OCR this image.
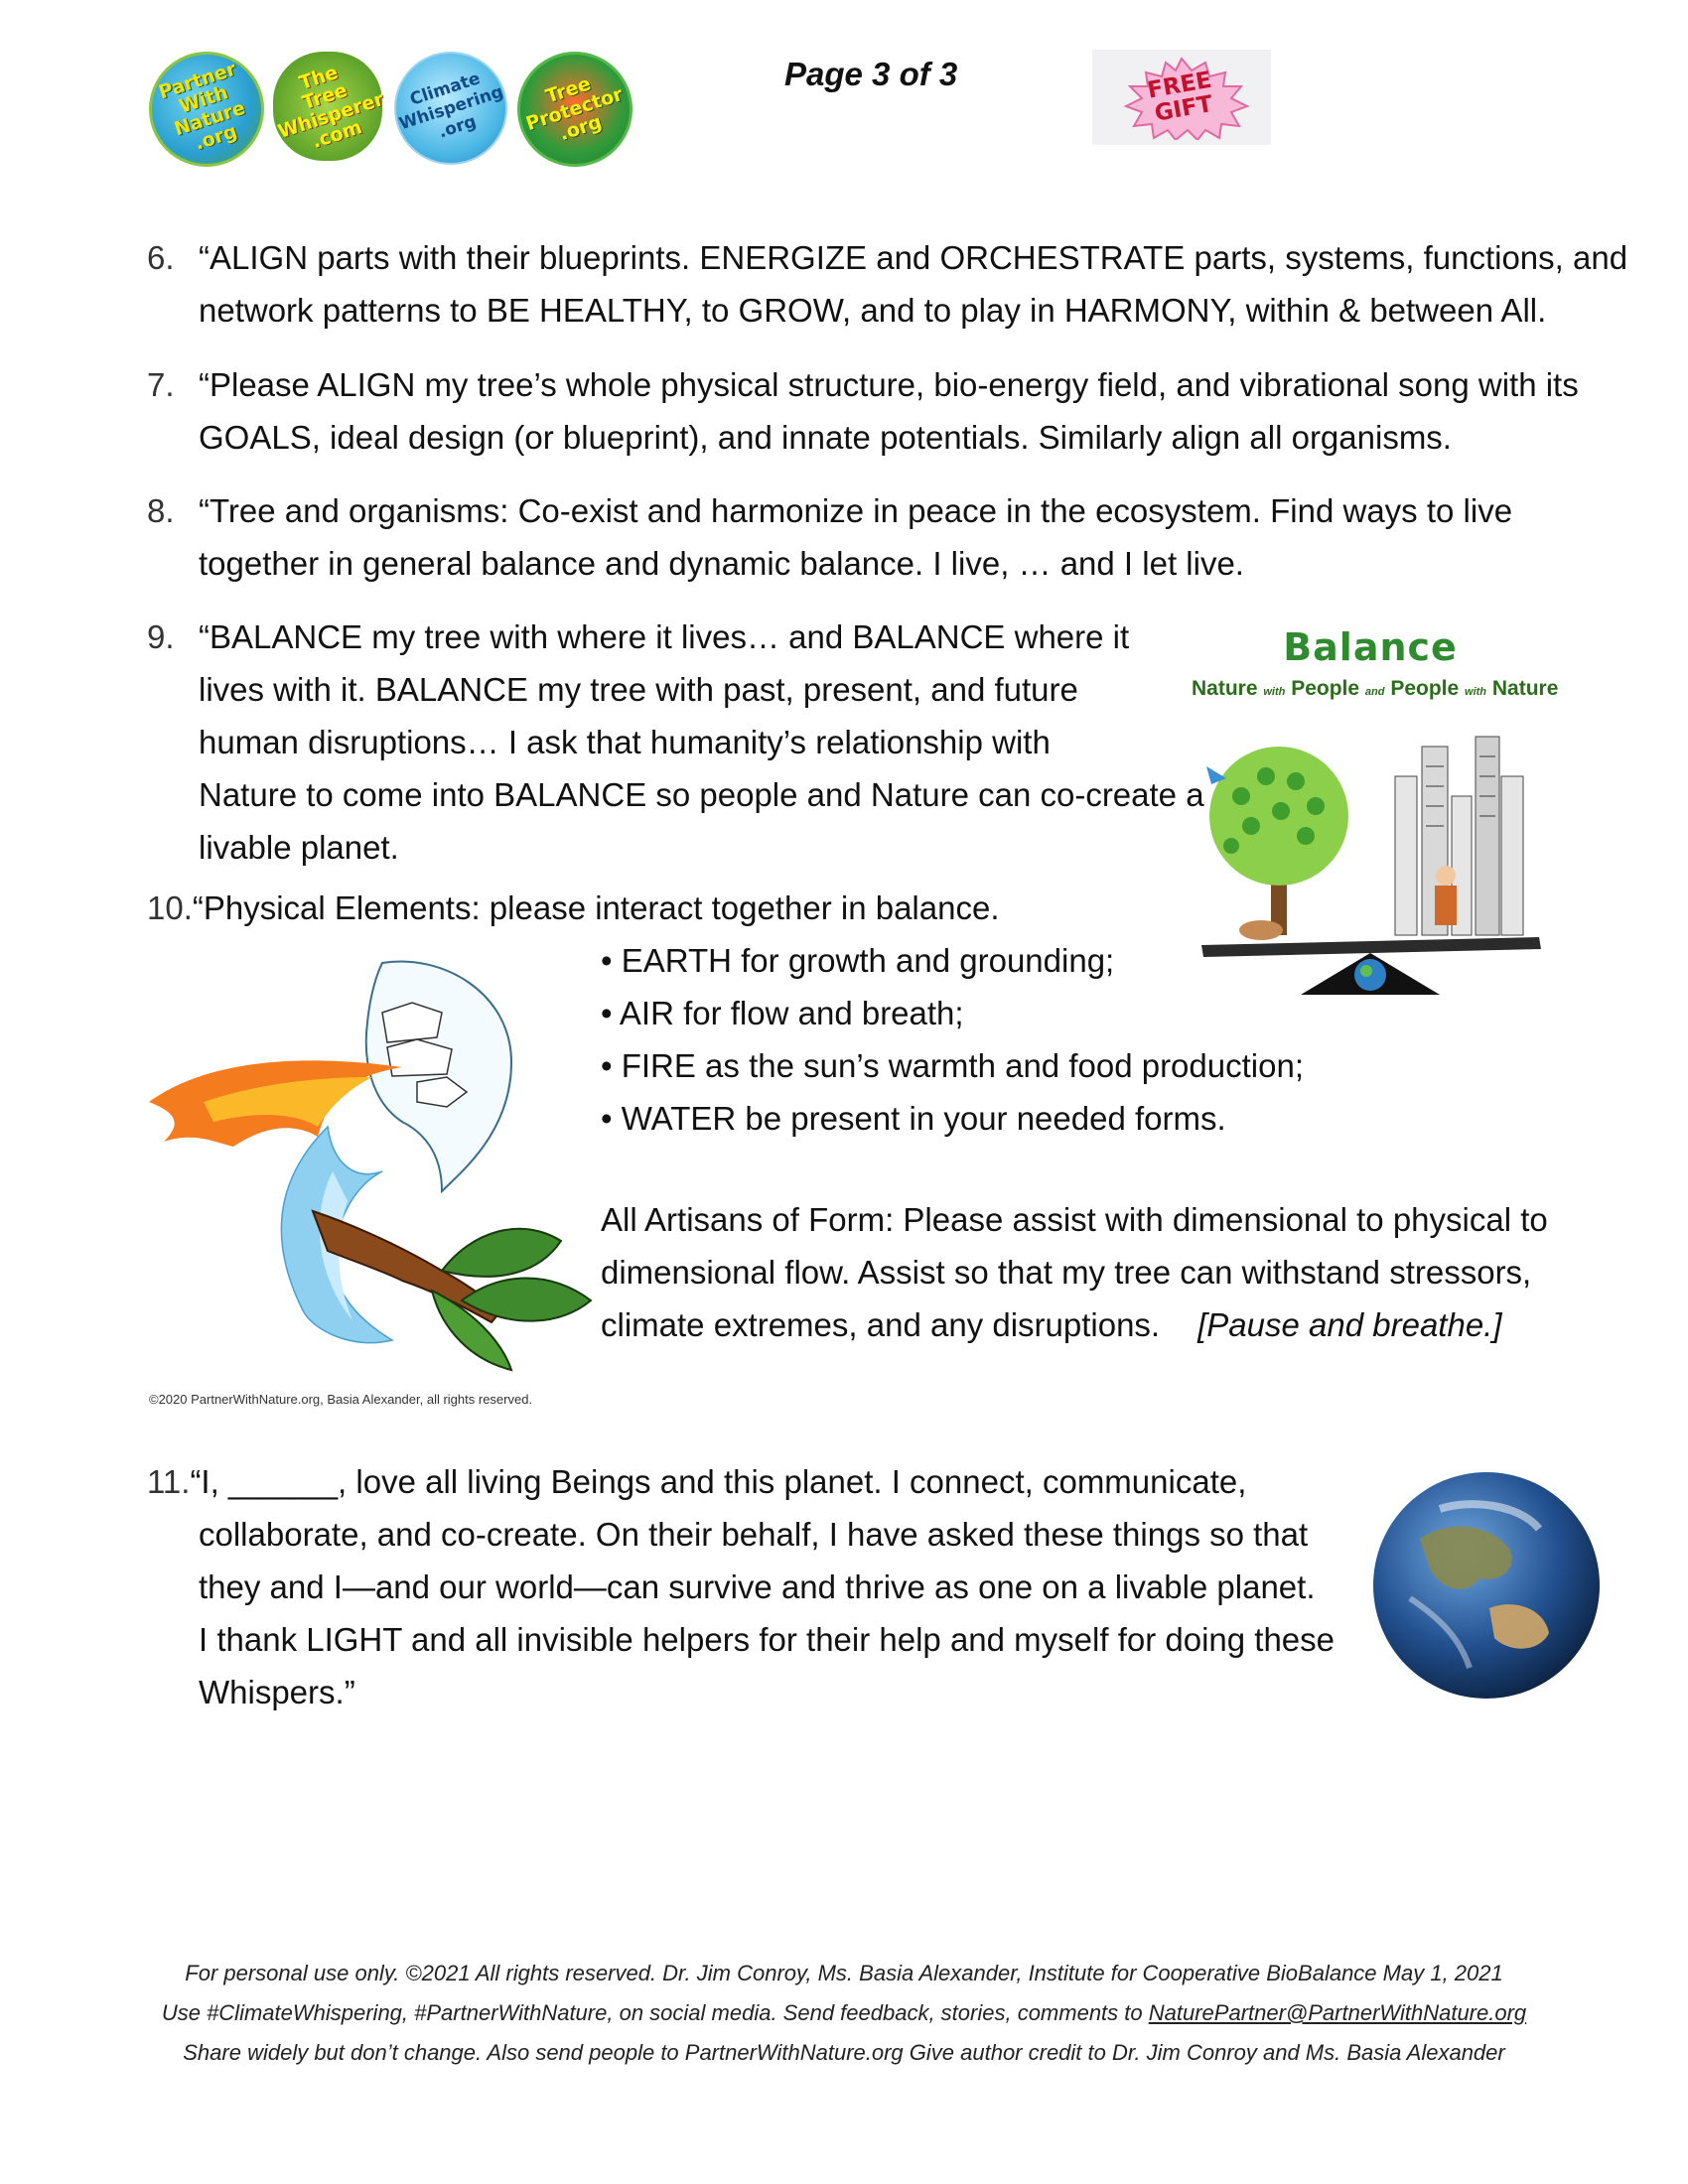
Partner
With
Nature
.org
The
Tree
Whisperer
.com
Climate
Whispering
.org
Tree
Protector
.org
Page 3 of 3	FREE
GIFT

6. “ALIGN parts with their blueprints. ENERGIZE and ORCHESTRATE parts, systems, functions, and

network patterns to BE HEALTHY, to GROW, and to play in HARMONY, within & between All.

7. “Please ALIGN my tree’s whole physical structure, bio-energy field, and vibrational song with its

GOALS, ideal design (or blueprint), and innate potentials. Similarly align all organisms.

8. “Tree and organisms: Co-exist and harmonize in peace in the ecosystem. Find ways to live

together in general balance and dynamic balance. I live, … and I let live.

9. “BALANCE my tree with where it lives… and BALANCE where it

lives with it. BALANCE my tree with past, present, and future

human disruptions… I ask that humanity’s relationship with

Nature to come into BALANCE so people and Nature can co-create a

livable planet.

Balance
Nature with People and People with Nature

10.“Physical Elements: please interact together in balance.

• EARTH for growth and grounding;
• AIR for flow and breath;
• FIRE as the sun’s warmth and food production;
• WATER be present in your needed forms.
All Artisans of Form: Please assist with dimensional to physical to
dimensional flow. Assist so that my tree can withstand stressors,
climate extremes, and any disruptions. [Pause and breathe.]
©2020 PartnerWithNature.org, Basia Alexander, all rights reserved.

11.“I, ______, love all living Beings and this planet. I connect, communicate,

collaborate, and co-create. On their behalf, I have asked these things so that

they and I—and our world—can survive and thrive as one on a livable planet.

I thank LIGHT and all invisible helpers for their help and myself for doing these

Whispers.”

For personal use only. ©2021 All rights reserved. Dr. Jim Conroy, Ms. Basia Alexander, Institute for Cooperative BioBalance May 1, 2021
Use #ClimateWhispering, #PartnerWithNature, on social media. Send feedback, stories, comments to NaturePartner@PartnerWithNature.org
Share widely but don’t change. Also send people to PartnerWithNature.org Give author credit to Dr. Jim Conroy and Ms. Basia Alexander
